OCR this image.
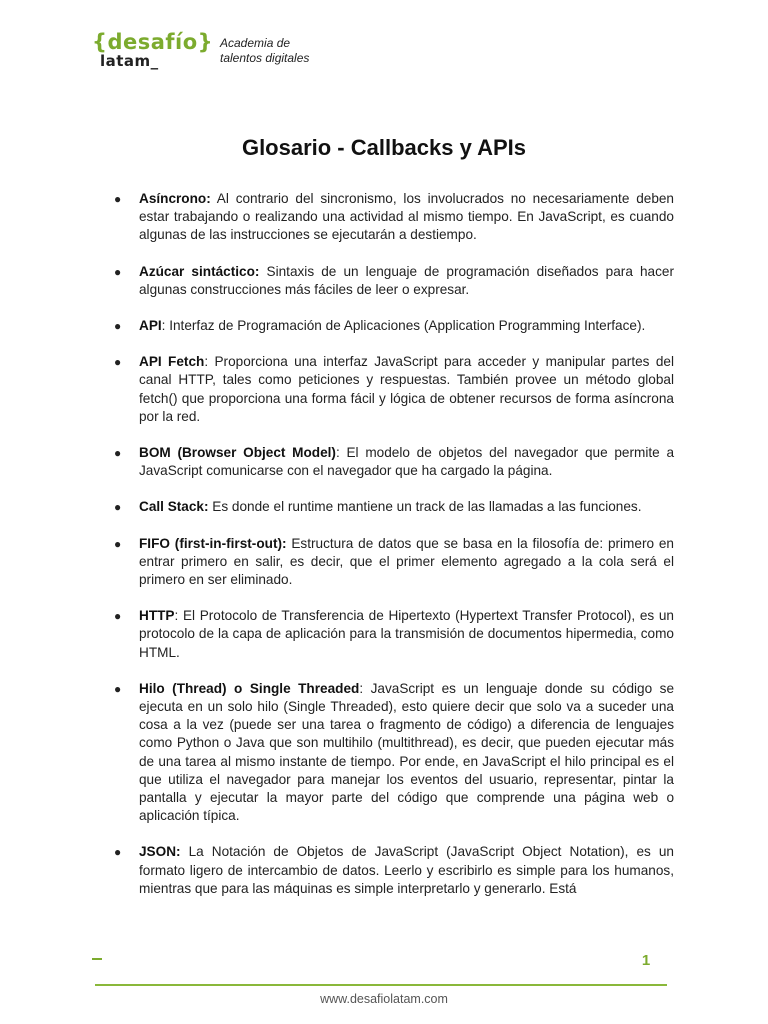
{desafío}
latam_
Academia de
talentos digitales
Glosario - Callbacks y APIs
● Asíncrono: Al contrario del sincronismo, los involucrados no necesariamente deben estar trabajando o realizando una actividad al mismo tiempo. En JavaScript, es cuando algunas de las instrucciones se ejecutarán a destiempo.
● Azúcar sintáctico: Sintaxis de un lenguaje de programación diseñados para hacer algunas construcciones más fáciles de leer o expresar.
● API: Interfaz de Programación de Aplicaciones (Application Programming Interface).
● API Fetch: Proporciona una interfaz JavaScript para acceder y manipular partes del canal HTTP, tales como peticiones y respuestas. También provee un método global fetch() que proporciona una forma fácil y lógica de obtener recursos de forma asíncrona por la red.
● BOM (Browser Object Model): El modelo de objetos del navegador que permite a JavaScript comunicarse con el navegador que ha cargado la página.
● Call Stack: Es donde el runtime mantiene un track de las llamadas a las funciones.
● FIFO (first-in-first-out): Estructura de datos que se basa en la filosofía de: primero en entrar primero en salir, es decir, que el primer elemento agregado a la cola será el primero en ser eliminado.
● HTTP: El Protocolo de Transferencia de Hipertexto (Hypertext Transfer Protocol), es un protocolo de la capa de aplicación para la transmisión de documentos hipermedia, como HTML.
● Hilo (Thread) o Single Threaded: JavaScript es un lenguaje donde su código se ejecuta en un solo hilo (Single Threaded), esto quiere decir que solo va a suceder una cosa a la vez (puede ser una tarea o fragmento de código) a diferencia de lenguajes como Python o Java que son multihilo (multithread), es decir, que pueden ejecutar más de una tarea al mismo instante de tiempo. Por ende, en JavaScript el hilo principal es el que utiliza el navegador para manejar los eventos del usuario, representar, pintar la pantalla y ejecutar la mayor parte del código que comprende una página web o aplicación típica.
● JSON: La Notación de Objetos de JavaScript (JavaScript Object Notation), es un formato ligero de intercambio de datos. Leerlo y escribirlo es simple para los humanos, mientras que para las máquinas es simple interpretarlo y generarlo. Está
1
www.desafiolatam.com
